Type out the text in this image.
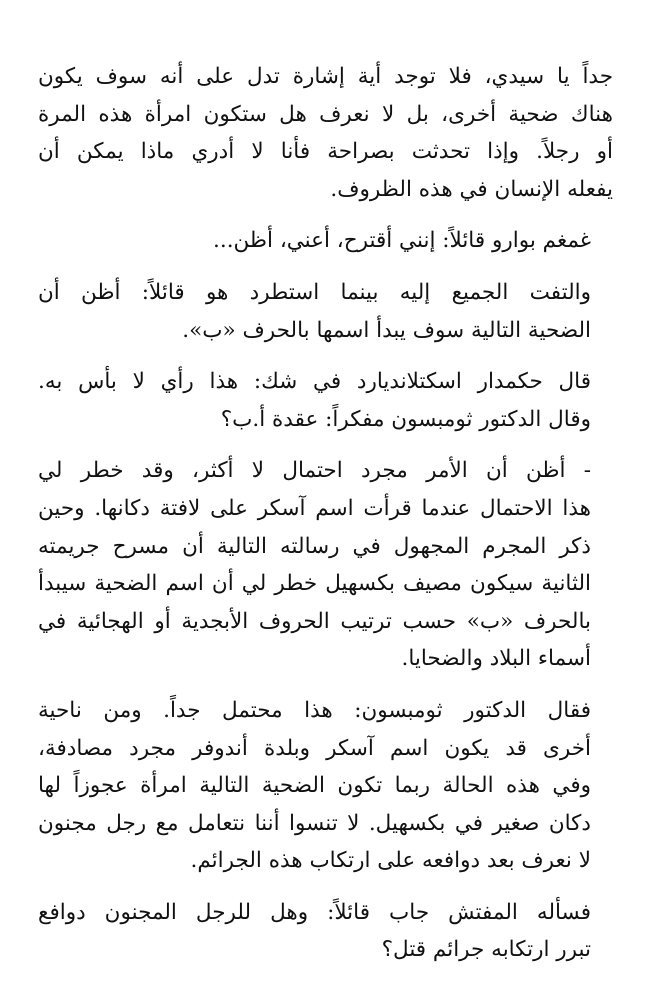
جداً يا سيدي، فلا توجد أية إشارة تدل على أنه سوف يكون
هناك ضحية أخرى، بل لا نعرف هل ستكون امرأة هذه المرة
أو رجلاً. وإذا تحدثت بصراحة فأنا لا أدري ماذا يمكن أن
يفعله الإنسان في هذه الظروف.
غمغم بوارو قائلاً: إنني أقترح، أعني، أظن...
والتفت الجميع إليه بينما استطرد هو قائلاً: أظن أن
الضحية التالية سوف يبدأ اسمها بالحرف «ب».
قال حكمدار اسكتلانديارد في شك: هذا رأي لا بأس به.
وقال الدكتور ثومبسون مفكراً: عقدة أ.ب؟
- أظن أن الأمر مجرد احتمال لا أكثر، وقد خطر لي
هذا الاحتمال عندما قرأت اسم آسكر على لافتة دكانها. وحين
ذكر المجرم المجهول في رسالته التالية أن مسرح جريمته
الثانية سيكون مصيف بكسهيل خطر لي أن اسم الضحية سيبدأ
بالحرف «ب» حسب ترتيب الحروف الأبجدية أو الهجائية في
أسماء البلاد والضحايا.
فقال الدكتور ثومبسون: هذا محتمل جداً. ومن ناحية
أخرى قد يكون اسم آسكر وبلدة أندوفر مجرد مصادفة،
وفي هذه الحالة ربما تكون الضحية التالية امرأة عجوزاً لها
دكان صغير في بكسهيل. لا تنسوا أننا نتعامل مع رجل مجنون
لا نعرف بعد دوافعه على ارتكاب هذه الجرائم.
فسأله المفتش جاب قائلاً: وهل للرجل المجنون دوافع
تبرر ارتكابه جرائم قتل؟
